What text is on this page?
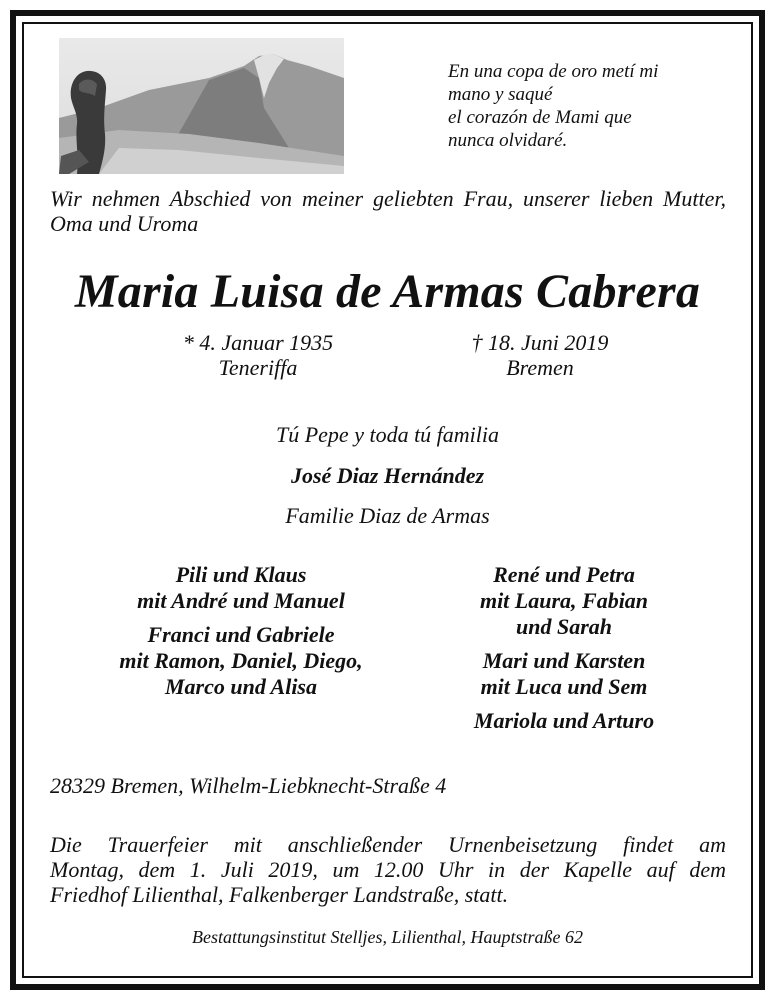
En una copa de oro metí mi
mano y saqué
el corazón de Mami que
nunca olvidaré.
Wir nehmen Abschied von meiner geliebten Frau, unserer lieben Mutter, Oma und Uroma
Maria Luisa de Armas Cabrera
* 4. Januar 1935
Teneriffa
† 18. Juni 2019
Bremen
Tú Pepe y toda tú familia
José Diaz Hernández
Familie Diaz de Armas
Pili und Klaus
mit André und Manuel
Franci und Gabriele
mit Ramon, Daniel, Diego,
Marco und Alisa
René und Petra
mit Laura, Fabian
und Sarah
Mari und Karsten
mit Luca und Sem
Mariola und Arturo
28329 Bremen, Wilhelm-Liebknecht-Straße 4
Die Trauerfeier mit anschließender Urnenbeisetzung findet am
Montag, dem 1. Juli 2019, um 12.00 Uhr in der Kapelle auf dem
Friedhof Lilienthal, Falkenberger Landstraße, statt.
Bestattungsinstitut Stelljes, Lilienthal, Hauptstraße 62
